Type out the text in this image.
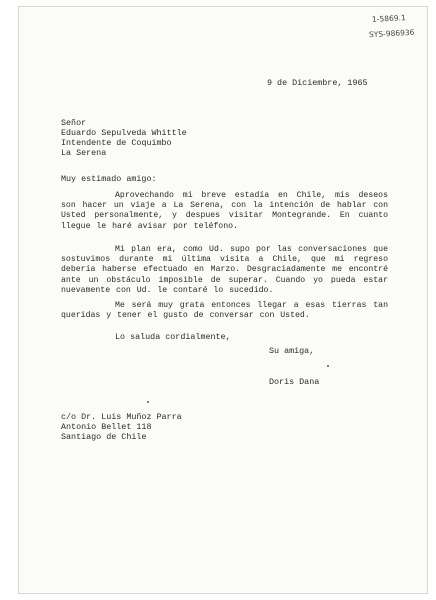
1-5869.1
SYS-986936
9 de Diciembre, 1965
Señor
Eduardo Sepulveda Whittle
Intendente de Coquimbo
La Serena
Muy estimado amigo:

Aprovechando mi breve estadía en Chile, mis deseos son hacer un viaje a La Serena, con la intención de hablar con Usted personalmente, y despues visitar Montegrande. En cuanto llegue le haré avisar por teléfono.

Mi plan era, como Ud. supo por las conversaciones que sostuvimos durante mi última visita a Chile, que mi regreso debería haberse efectuado en Marzo. Desgraciadamente me encontré ante un obstáculo imposible de superar. Cuando yo pueda estar nuevamente con Ud. le contaré lo sucedido.

Me será muy grata entonces llegar a esas tierras tan queridas y tener el gusto de conversar con Usted.

Lo saluda cordialmente,
Su amiga,
Doris Dana
c/o Dr. Luis Muñoz Parra
Antonio Bellet 118
Santiago de Chile
